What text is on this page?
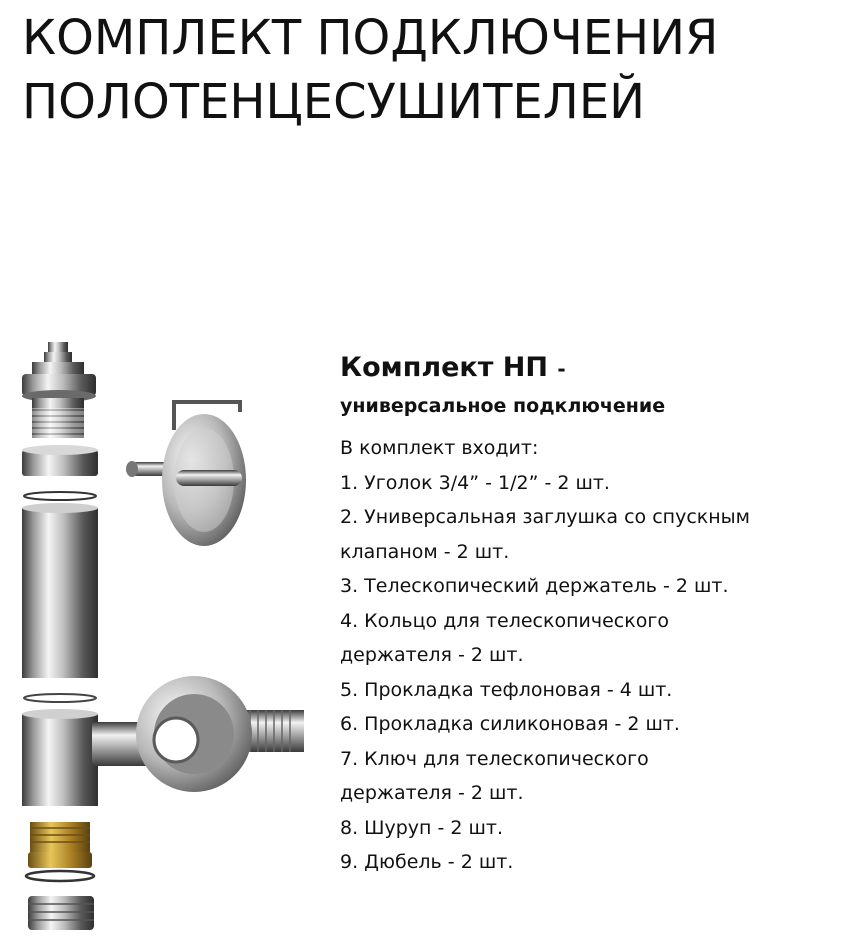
КОМПЛЕКТ ПОДКЛЮЧЕНИЯ
ПОЛОТЕНЦЕСУШИТЕЛЕЙ
Комплект НП -
универсальное подключение
В комплект входит:
1. Уголок 3/4” - 1/2” - 2 шт.
2. Универсальная заглушка со спускным
клапаном - 2 шт.
3. Телескопический держатель - 2 шт.
4. Кольцо для телескопического
держателя - 2 шт.
5. Прокладка тефлоновая - 4 шт.
6. Прокладка силиконовая - 2 шт.
7. Ключ для телескопического
держателя - 2 шт.
8. Шуруп - 2 шт.
9. Дюбель - 2 шт.
